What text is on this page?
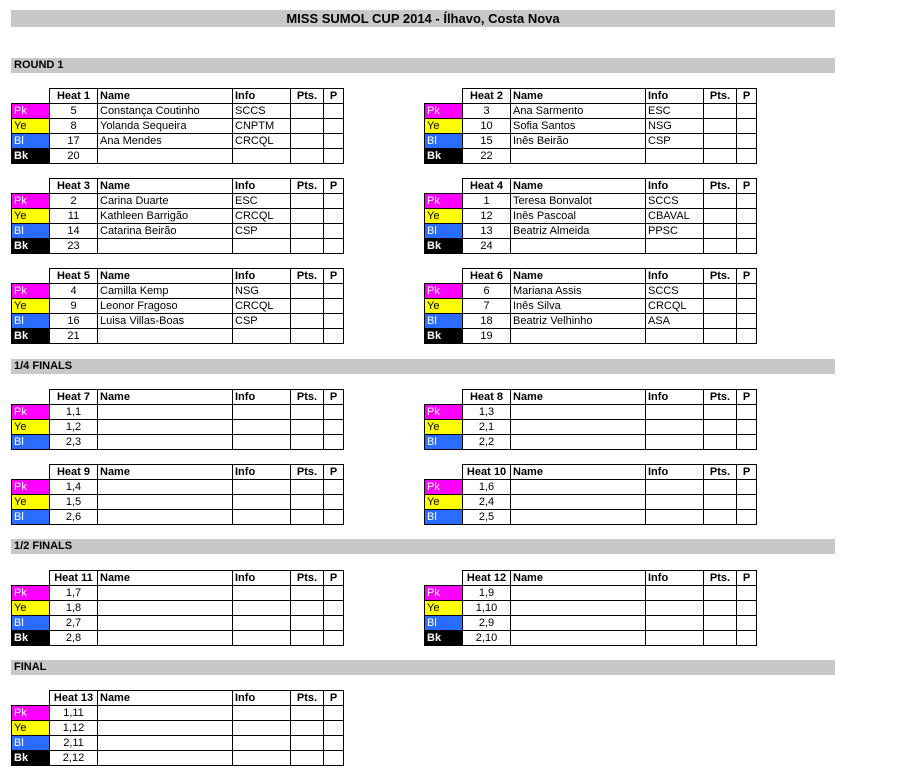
MISS SUMOL CUP 2014 - Ílhavo, Costa Nova
ROUND 1
	Heat 1	Name	Info	Pts.	P
Pk	5	Constança Coutinho	SCCS		
Ye	8	Yolanda Sequeira	CNPTM		
Bl	17	Ana Mendes	CRCQL		
Bk	20				
	Heat 2	Name	Info	Pts.	P
Pk	3	Ana Sarmento	ESC		
Ye	10	Sofia Santos	NSG		
Bl	15	Inês Beirão	CSP		
Bk	22				
	Heat 3	Name	Info	Pts.	P
Pk	2	Carina Duarte	ESC		
Ye	11	Kathleen Barrigão	CRCQL		
Bl	14	Catarina Beirão	CSP		
Bk	23				
	Heat 4	Name	Info	Pts.	P
Pk	1	Teresa Bonvalot	SCCS		
Ye	12	Inês Pascoal	CBAVAL		
Bl	13	Beatriz Almeida	PPSC		
Bk	24				
	Heat 5	Name	Info	Pts.	P
Pk	4	Camilla Kemp	NSG		
Ye	9	Leonor Fragoso	CRCQL		
Bl	16	Luisa Villas-Boas	CSP		
Bk	21				
	Heat 6	Name	Info	Pts.	P
Pk	6	Mariana Assis	SCCS		
Ye	7	Inês Silva	CRCQL		
Bl	18	Beatriz Velhinho	ASA		
Bk	19				
1/4 FINALS
	Heat 7	Name	Info	Pts.	P
Pk	1,1				
Ye	1,2				
Bl	2,3				
	Heat 8	Name	Info	Pts.	P
Pk	1,3				
Ye	2,1				
Bl	2,2				
	Heat 9	Name	Info	Pts.	P
Pk	1,4				
Ye	1,5				
Bl	2,6				
	Heat 10	Name	Info	Pts.	P
Pk	1,6				
Ye	2,4				
Bl	2,5				
1/2 FINALS
	Heat 11	Name	Info	Pts.	P
Pk	1,7				
Ye	1,8				
Bl	2,7				
Bk	2,8				
	Heat 12	Name	Info	Pts.	P
Pk	1,9				
Ye	1,10				
Bl	2,9				
Bk	2,10				
FINAL
	Heat 13	Name	Info	Pts.	P
Pk	1,11				
Ye	1,12				
Bl	2,11				
Bk	2,12				
